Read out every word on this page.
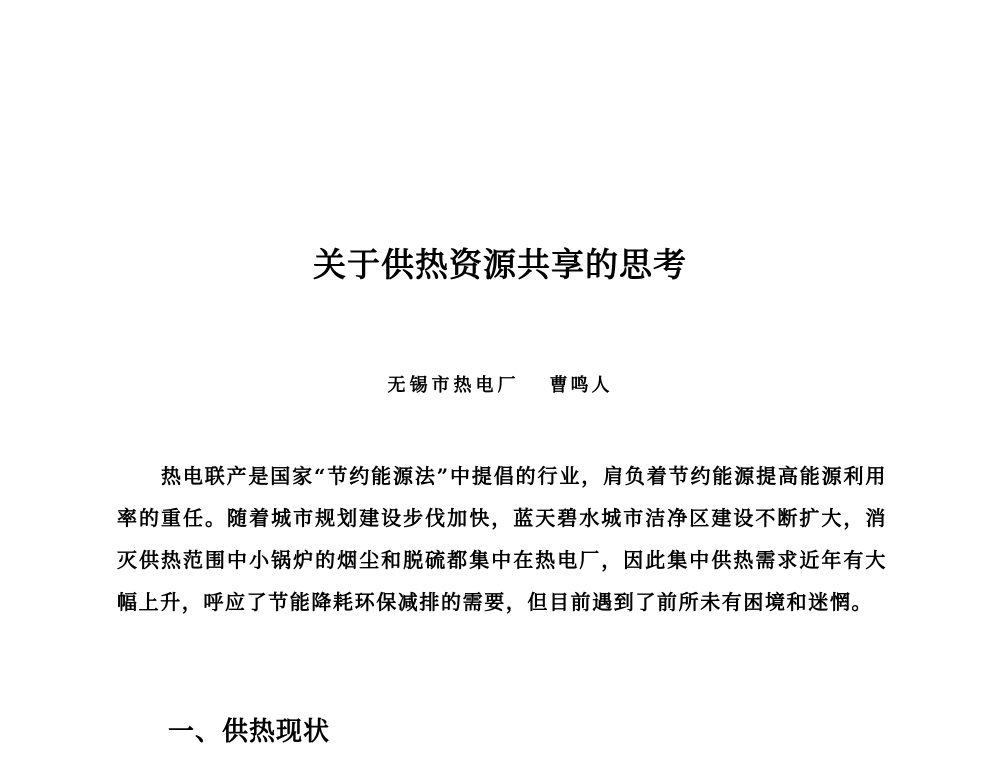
关于供热资源共享的思考

无锡市热电厂 曹鸣人

热电联产是国家“节约能源法”中提倡的行业，肩负着节约能源提高能源利用率的重任。随着城市规划建设步伐加快，蓝天碧水城市洁净区建设不断扩大，消灭供热范围中小锅炉的烟尘和脱硫都集中在热电厂，因此集中供热需求近年有大幅上升，呼应了节能降耗环保减排的需要，但目前遇到了前所未有困境和迷惘。

一、供热现状
